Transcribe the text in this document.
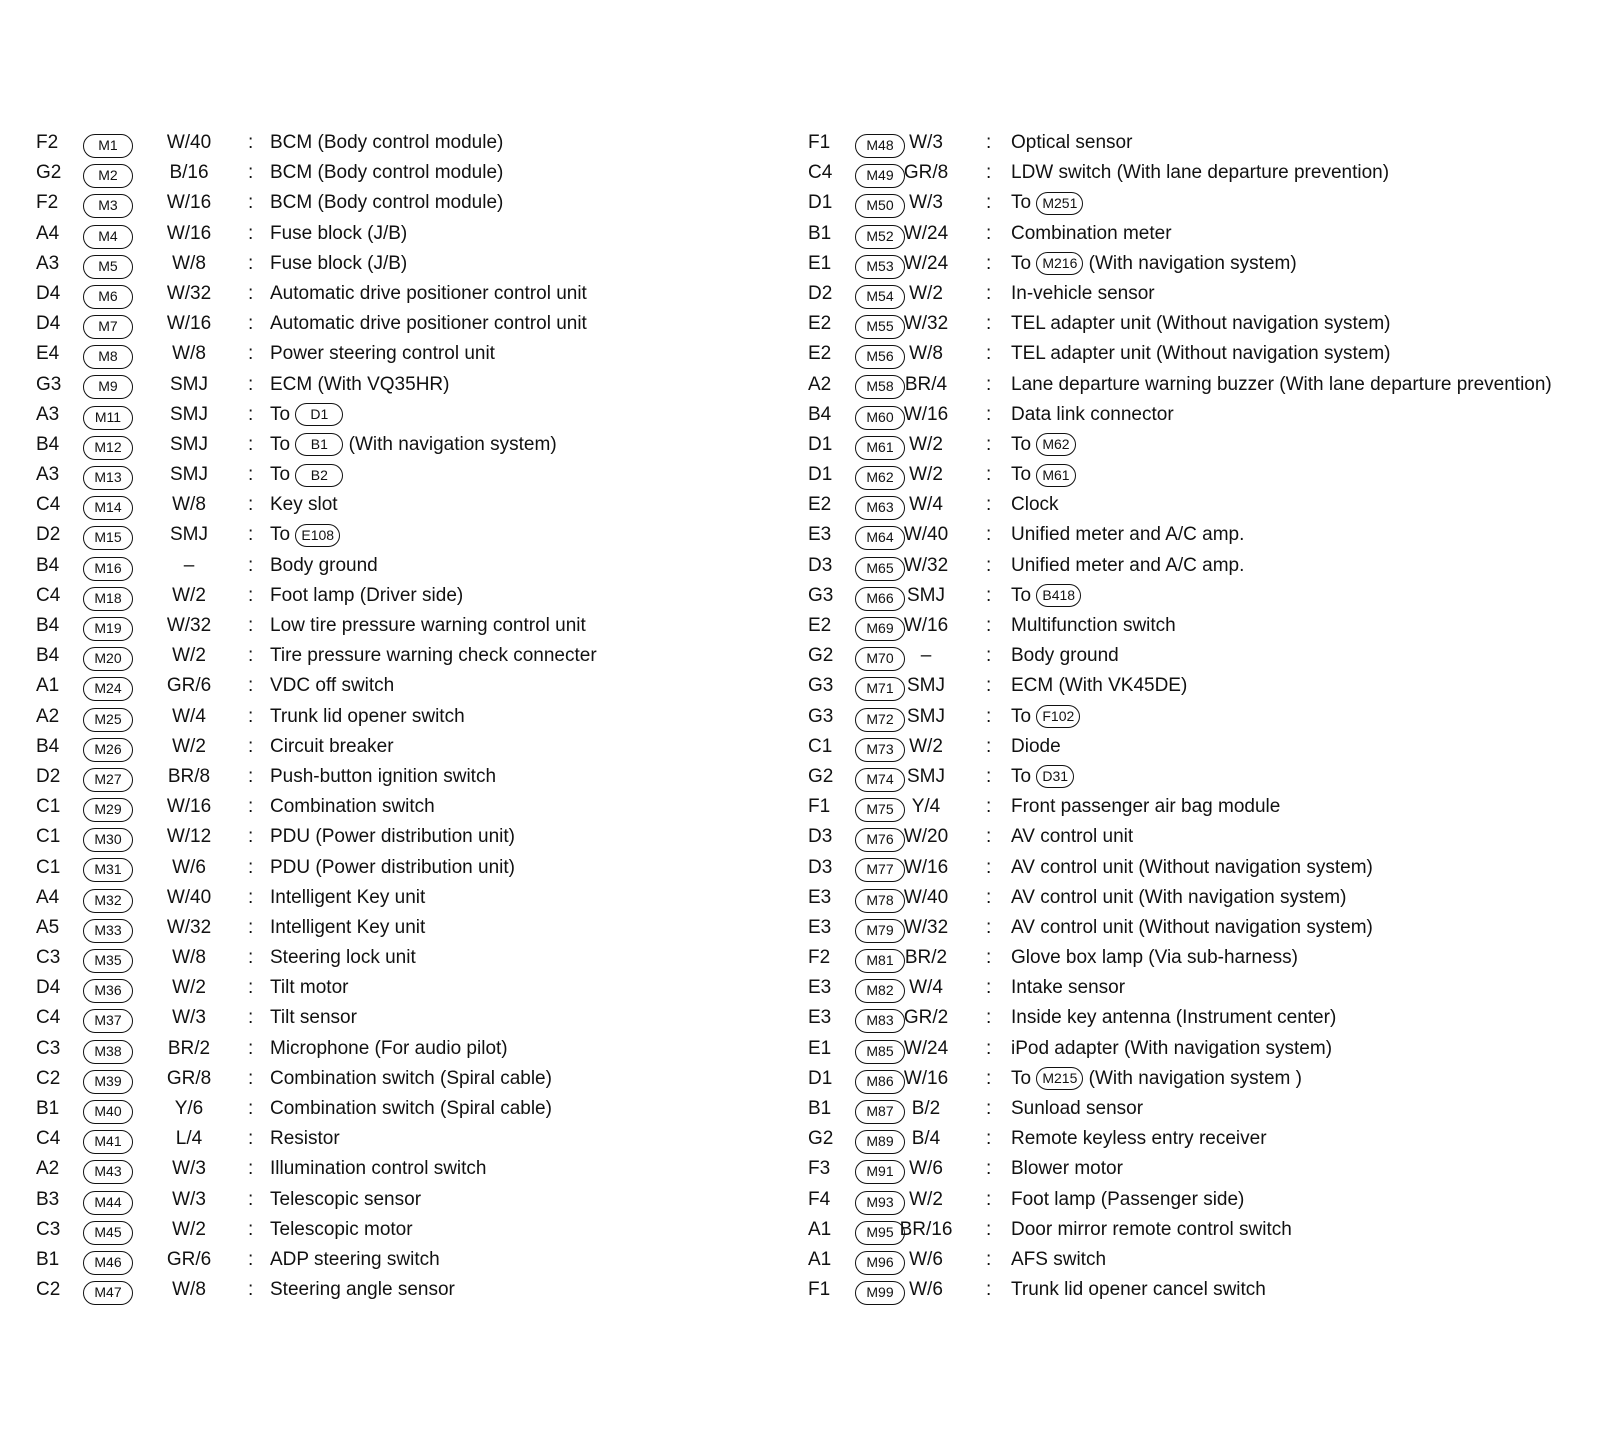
F2	M1	W/40 : BCM (Body control module)
G2	M2	B/16	: BCM (Body control module)
F2	M3	W/16 : BCM (Body control module)
A4	M4	W/16 : Fuse block (J/B)
A3	M5	W/8	: Fuse block (J/B)
D4	M6	W/32 : Automatic drive positioner control unit
D4	M7	W/16 : Automatic drive positioner control unit
E4	M8	W/8	: Power steering control unit
G3	M9	SMJ	: ECM (With VQ35HR)
A3	M11	SMJ	: To D1
B4	M12	SMJ	: To B1 (With navigation system)
A3	M13	SMJ	: To B2
C4	M14	W/8	: Key slot
D2	M15	SMJ	: To E108
B4	M16	–	: Body ground
C4	M18	W/2	: Foot lamp (Driver side)
B4	M19	W/32 : Low tire pressure warning control unit
B4	M20	W/2	: Tire pressure warning check connecter
A1	M24	GR/6 : VDC off switch
A2	M25	W/4	: Trunk lid opener switch
B4	M26	W/2	: Circuit breaker
D2	M27	BR/8	: Push-button ignition switch
C1	M29	W/16 : Combination switch
C1	M30	W/12 : PDU (Power distribution unit)
C1	M31	W/6	: PDU (Power distribution unit)
A4	M32	W/40 : Intelligent Key unit
A5	M33	W/32 : Intelligent Key unit
C3	M35	W/8	: Steering lock unit
D4	M36	W/2	: Tilt motor
C4	M37	W/3	: Tilt sensor
C3	M38	BR/2	: Microphone (For audio pilot)
C2	M39	GR/8 : Combination switch (Spiral cable)
B1	M40	Y/6	: Combination switch (Spiral cable)
C4	M41	L/4	: Resistor
A2	M43	W/3	: Illumination control switch
B3	M44	W/3	: Telescopic sensor
C3	M45	W/2	: Telescopic motor
B1	M46	GR/6 : ADP steering switch
C2	M47	W/8	: Steering angle sensor
F1	M48 W/3	: Optical sensor
C4	M49 GR/8 : LDW switch (With lane departure prevention)
D1	M50 W/3	: To M251
B1	M52 W/24 : Combination meter
E1	M53 W/24 : To M216 (With navigation system)
D2	M54 W/2	: In-vehicle sensor
E2	M55 W/32 : TEL adapter unit (Without navigation system)
E2	M56 W/8	: TEL adapter unit (Without navigation system)
A2	M58 BR/4	: Lane departure warning buzzer (With lane departure prevention)
B4	M60 W/16 : Data link connector
D1	M61 W/2	: To M62
D1	M62 W/2	: To M61
E2	M63 W/4	: Clock
E3	M64 W/40 : Unified meter and A/C amp.
D3	M65 W/32 : Unified meter and A/C amp.
G3	M66 SMJ	: To B418
E2	M69 W/16 : Multifunction switch
G2	M70	–	: Body ground
G3	M71 SMJ	: ECM (With VK45DE)
G3	M72 SMJ	: To F102
C1	M73 W/2	: Diode
G2	M74 SMJ	: To D31
F1	M75 Y/4	: Front passenger air bag module
D3	M76 W/20 : AV control unit
D3	M77 W/16 : AV control unit (Without navigation system)
E3	M78 W/40 : AV control unit (With navigation system)
E3	M79 W/32 : AV control unit (Without navigation system)
F2	M81 BR/2	: Glove box lamp (Via sub-harness)
E3	M82 W/4	: Intake sensor
E3	M83 GR/2 : Inside key antenna (Instrument center)
E1	M85 W/24 : iPod adapter (With navigation system)
D1	M86 W/16 : To M215 (With navigation system )
B1	M87 B/2	: Sunload sensor
G2	M89 B/4	: Remote keyless entry receiver
F3	M91 W/6	: Blower motor
F4	M93 W/2	: Foot lamp (Passenger side)
A1	M95 BR/16 : Door mirror remote control switch
A1	M96 W/6	: AFS switch
F1	M99 W/6	: Trunk lid opener cancel switch
